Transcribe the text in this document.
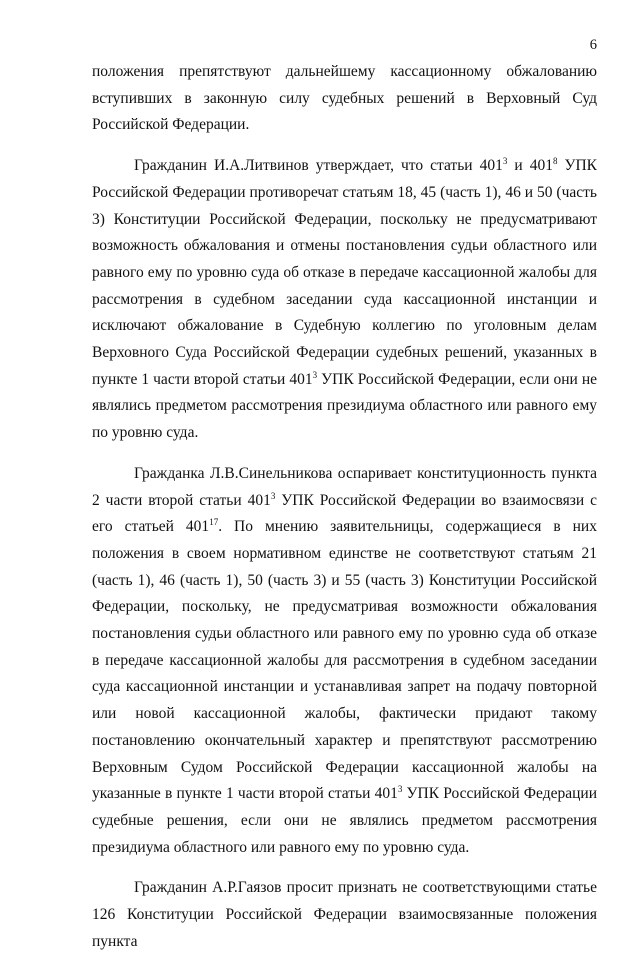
6

положения препятствуют дальнейшему кассационному обжалованию вступивших в законную силу судебных решений в Верховный Суд Российской Федерации.

Гражданин И.А.Литвинов утверждает, что статьи $401^3$ и $401^8$ УПК Российской Федерации противоречат статьям 18, 45 (часть 1), 46 и 50 (часть 3) Конституции Российской Федерации, поскольку не предусматривают возможность обжалования и отмены постановления судьи областного или равного ему по уровню суда об отказе в передаче кассационной жалобы для рассмотрения в судебном заседании суда кассационной инстанции и исключают обжалование в Судебную коллегию по уголовным делам Верховного Суда Российской Федерации судебных решений, указанных в пункте 1 части второй статьи $401^3$ УПК Российской Федерации, если они не являлись предметом рассмотрения президиума областного или равного ему по уровню суда.

Гражданка Л.В.Синельникова оспаривает конституционность пункта 2 части второй статьи $401^3$ УПК Российской Федерации во взаимосвязи с его статьей $401^{17}$. По мнению заявительницы, содержащиеся в них положения в своем нормативном единстве не соответствуют статьям 21 (часть 1), 46 (часть 1), 50 (часть 3) и 55 (часть 3) Конституции Российской Федерации, поскольку, не предусматривая возможности обжалования постановления судьи областного или равного ему по уровню суда об отказе в передаче кассационной жалобы для рассмотрения в судебном заседании суда кассационной инстанции и устанавливая запрет на подачу повторной или новой кассационной жалобы, фактически придают такому постановлению окончательный характер и препятствуют рассмотрению Верховным Судом Российской Федерации кассационной жалобы на указанные в пункте 1 части второй статьи $401^3$ УПК Российской Федерации судебные решения, если они не являлись предметом рассмотрения президиума областного или равного ему по уровню суда.

Гражданин А.Р.Гаязов просит признать не соответствующими статье 126 Конституции Российской Федерации взаимосвязанные положения пункта
